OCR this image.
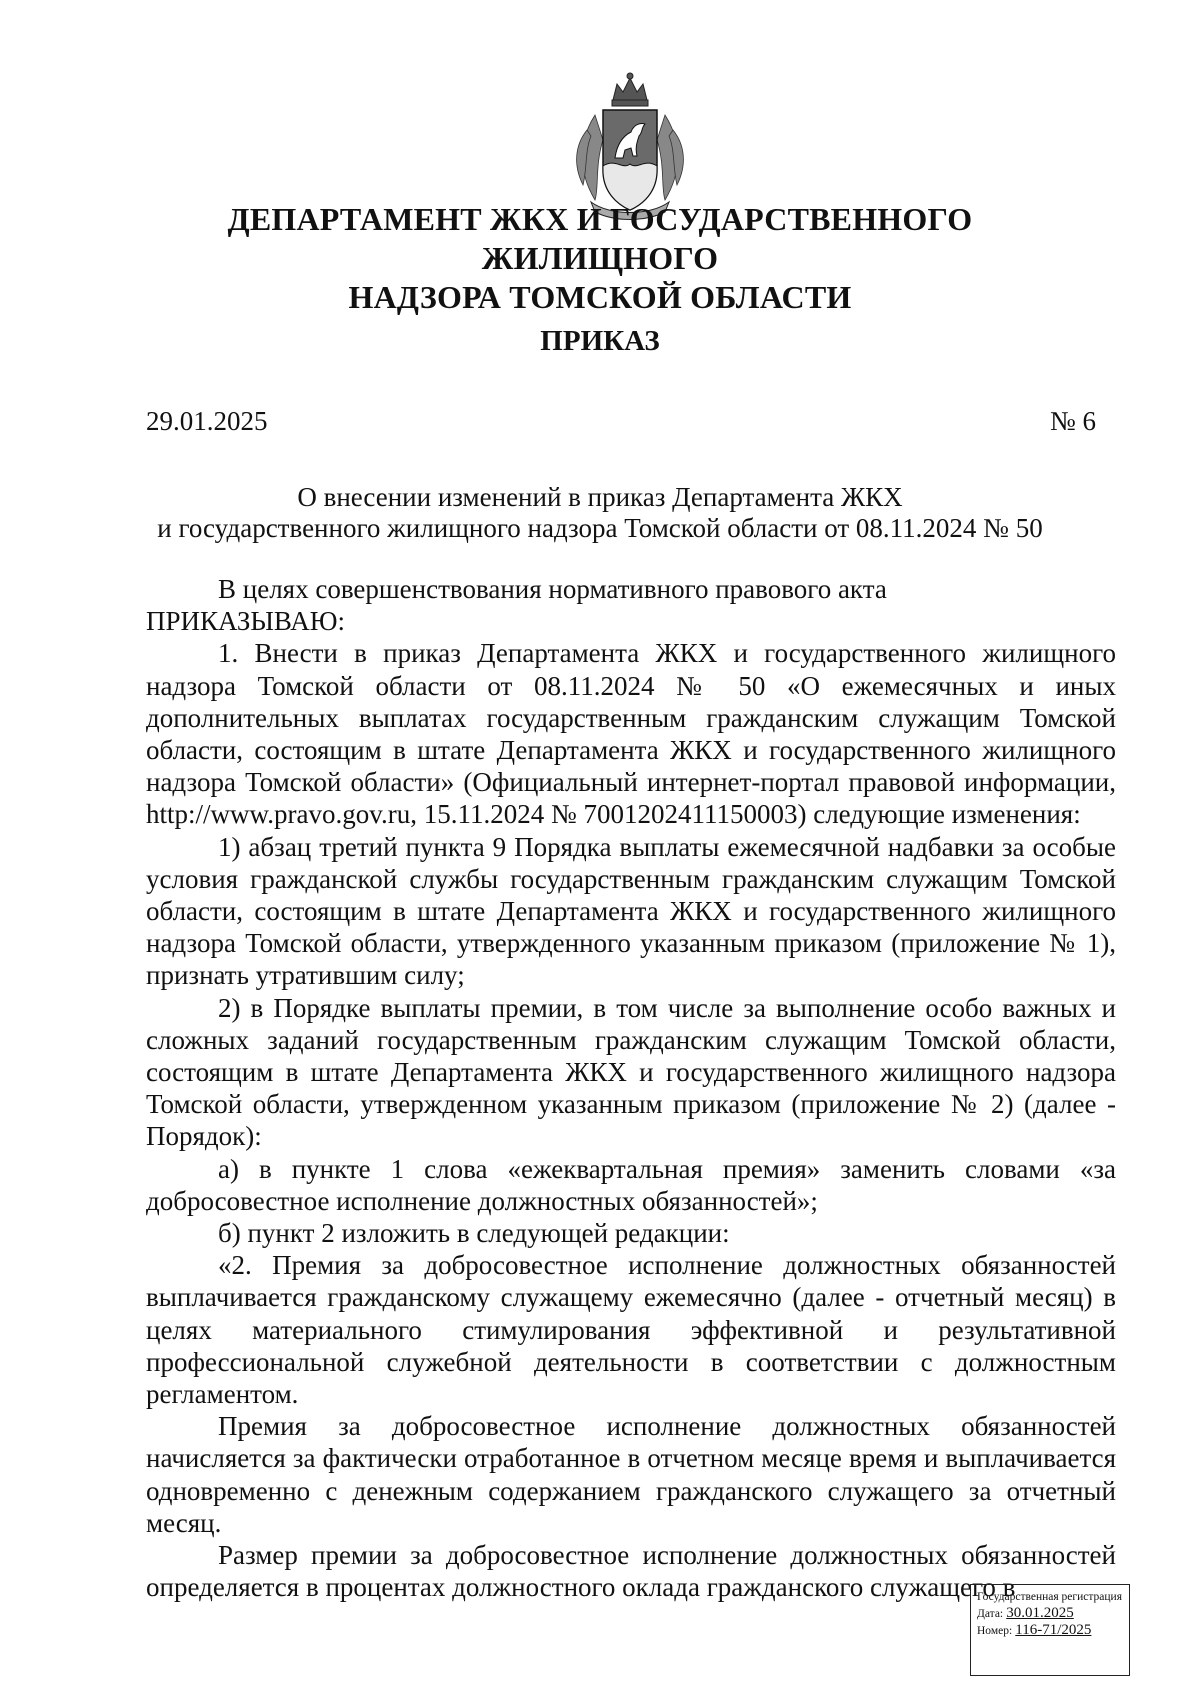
ДЕПАРТАМЕНТ ЖКХ И ГОСУДАРСТВЕННОГО ЖИЛИЩНОГО
НАДЗОРА ТОМСКОЙ ОБЛАСТИ
ПРИКАЗ
29.01.2025	№ 6
О внесении изменений в приказ Департамента ЖКХ
и государственного жилищного надзора Томской области от 08.11.2024 № 50

В целях совершенствования нормативного правового акта

ПРИКАЗЫВАЮ:

1. Внести в приказ Департамента ЖКХ и государственного жилищного надзора Томской области от 08.11.2024 № 50 «О ежемесячных и иных дополнительных выплатах государственным гражданским служащим Томской области, состоящим в штате Департамента ЖКХ и государственного жилищного надзора Томской области» (Официальный интернет-портал правовой информации, http://www.pravo.gov.ru, 15.11.2024 № 7001202411150003) следующие изменения:

1) абзац третий пункта 9 Порядка выплаты ежемесячной надбавки за особые условия гражданской службы государственным гражданским служащим Томской области, состоящим в штате Департамента ЖКХ и государственного жилищного надзора Томской области, утвержденного указанным приказом (приложение № 1), признать утратившим силу;

2) в Порядке выплаты премии, в том числе за выполнение особо важных и сложных заданий государственным гражданским служащим Томской области, состоящим в штате Департамента ЖКХ и государственного жилищного надзора Томской области, утвержденном указанным приказом (приложение № 2) (далее - Порядок):

а) в пункте 1 слова «ежеквартальная премия» заменить словами «за добросовестное исполнение должностных обязанностей»;

б) пункт 2 изложить в следующей редакции:

«2. Премия за добросовестное исполнение должностных обязанностей выплачивается гражданскому служащему ежемесячно (далее - отчетный месяц) в целях материального стимулирования эффективной и результативной профессиональной служебной деятельности в соответствии с должностным регламентом.

Премия за добросовестное исполнение должностных обязанностей начисляется за фактически отработанное в отчетном месяце время и выплачивается одновременно с денежным содержанием гражданского служащего за отчетный месяц.

Размер премии за добросовестное исполнение должностных обязанностей определяется в процентах должностного оклада гражданского служащего в

Государственная регистрация
Дата: 30.01.2025
Номер: 116-71/2025
